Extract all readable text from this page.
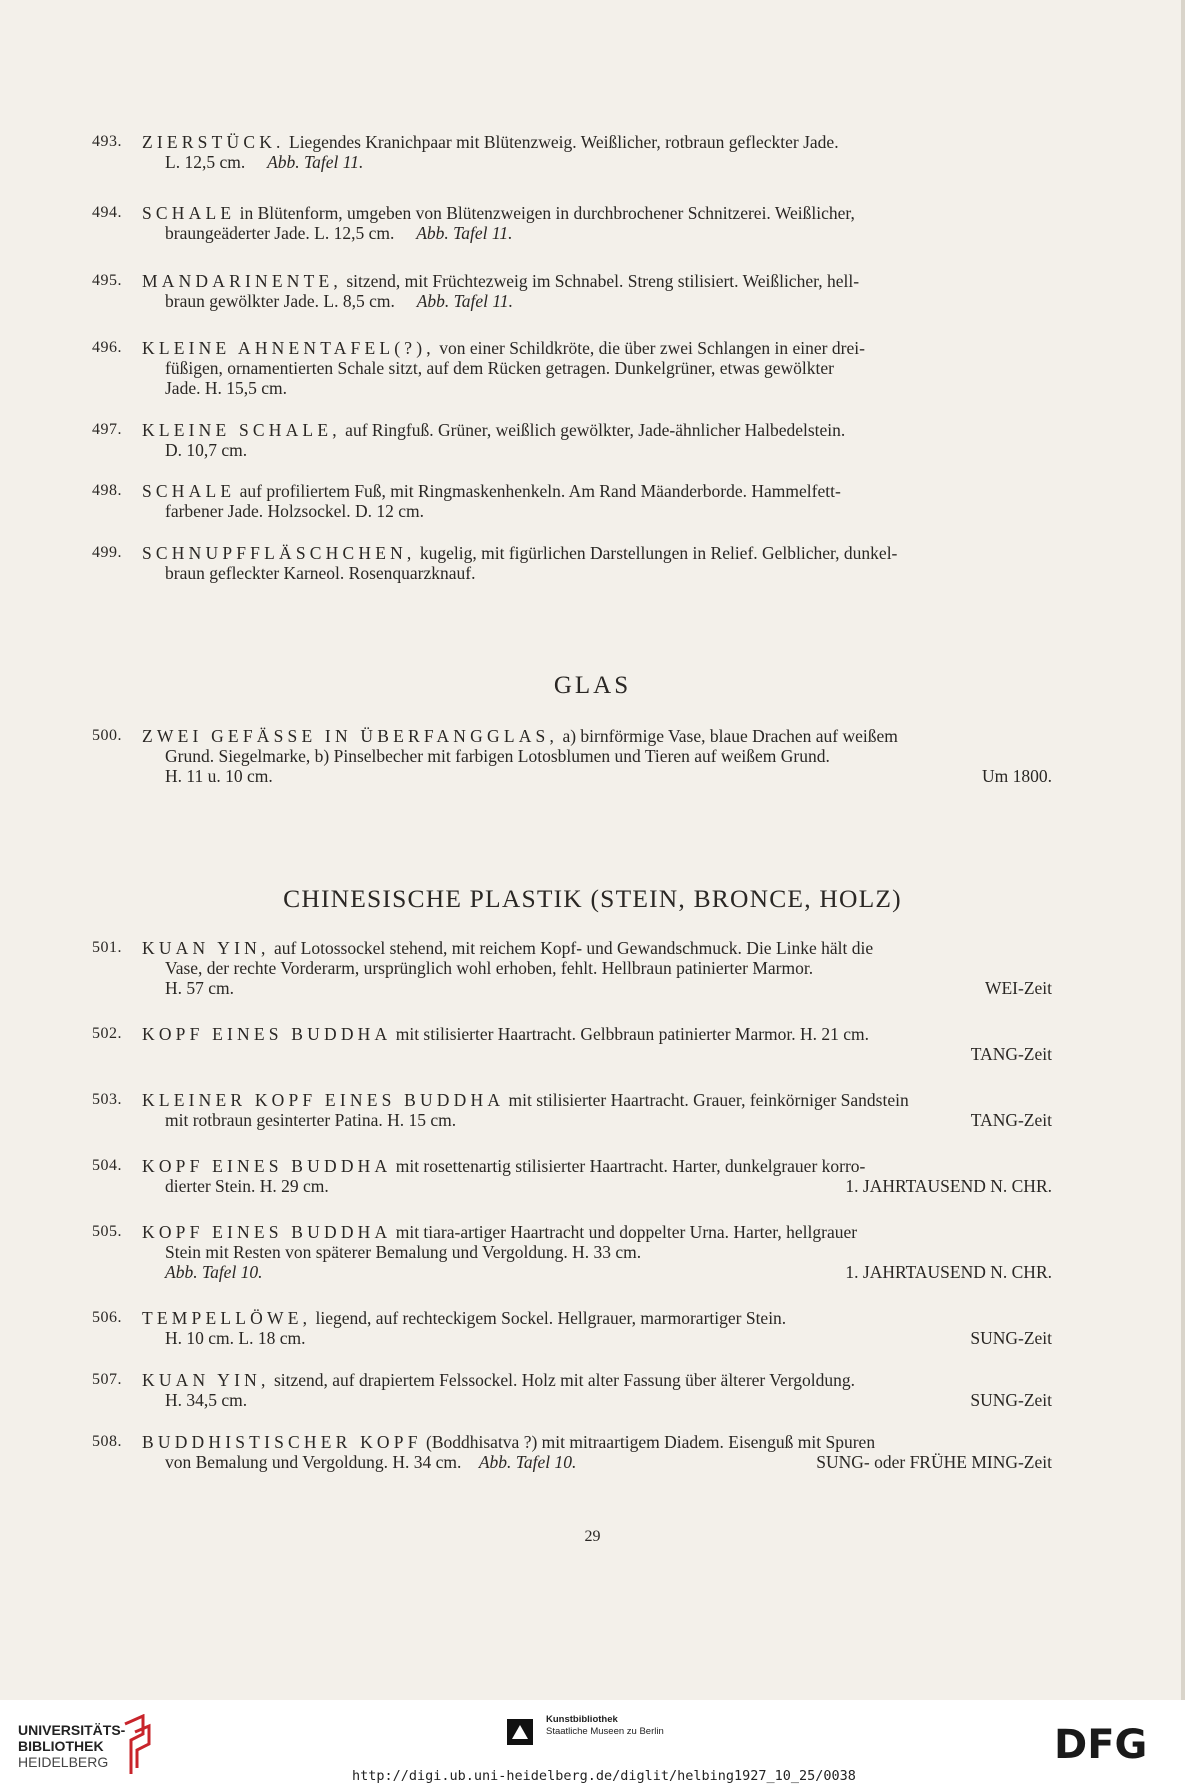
493.	ZIERSTÜCK. Liegendes Kranichpaar mit Blütenzweig. Weißlicher, rotbraun gefleckter Jade.
L. 12,5 cm. Abb. Tafel 11.
494.	SCHALE in Blütenform, umgeben von Blütenzweigen in durchbrochener Schnitzerei. Weißlicher,
braungeäderter Jade. L. 12,5 cm. Abb. Tafel 11.
495.	MANDARINENTE, sitzend, mit Früchtezweig im Schnabel. Streng stilisiert. Weißlicher, hell-
braun gewölkter Jade. L. 8,5 cm. Abb. Tafel 11.
496.	KLEINE AHNENTAFEL(?), von einer Schildkröte, die über zwei Schlangen in einer drei-
füßigen, ornamentierten Schale sitzt, auf dem Rücken getragen. Dunkelgrüner, etwas gewölkter
Jade. H. 15,5 cm.
497.	KLEINE SCHALE, auf Ringfuß. Grüner, weißlich gewölkter, Jade-ähnlicher Halbedelstein.
D. 10,7 cm.
498.	SCHALE auf profiliertem Fuß, mit Ringmaskenhenkeln. Am Rand Mäanderborde. Hammelfett-
farbener Jade. Holzsockel. D. 12 cm.
499.	SCHNUPFFLÄSCHCHEN, kugelig, mit figürlichen Darstellungen in Relief. Gelblicher, dunkel-
braun gefleckter Karneol. Rosenquarzknauf.
GLAS
500.	ZWEI GEFÄSSE IN ÜBERFANGGLAS, a) birnförmige Vase, blaue Drachen auf weißem
Grund. Siegelmarke, b) Pinselbecher mit farbigen Lotosblumen und Tieren auf weißem Grund.
H. 11 u. 10 cm.	Um 1800.
CHINESISCHE PLASTIK (STEIN, BRONCE, HOLZ)
501.	KUAN YIN, auf Lotossockel stehend, mit reichem Kopf- und Gewandschmuck. Die Linke hält die
Vase, der rechte Vorderarm, ursprünglich wohl erhoben, fehlt. Hellbraun patinierter Marmor.
H. 57 cm.	WEI-Zeit
502.	KOPF EINES BUDDHA mit stilisierter Haartracht. Gelbbraun patinierter Marmor. H. 21 cm.
TANG-Zeit
503.	KLEINER KOPF EINES BUDDHA mit stilisierter Haartracht. Grauer, feinkörniger Sandstein
mit rotbraun gesinterter Patina. H. 15 cm.	TANG-Zeit
504.	KOPF EINES BUDDHA mit rosettenartig stilisierter Haartracht. Harter, dunkelgrauer korro-
dierter Stein. H. 29 cm.	1. JAHRTAUSEND N. CHR.
505.	KOPF EINES BUDDHA mit tiara-artiger Haartracht und doppelter Urna. Harter, hellgrauer
Stein mit Resten von späterer Bemalung und Vergoldung. H. 33 cm.
Abb. Tafel 10.	1. JAHRTAUSEND N. CHR.
506.	TEMPELLÖWE, liegend, auf rechteckigem Sockel. Hellgrauer, marmorartiger Stein.
H. 10 cm. L. 18 cm.	SUNG-Zeit
507.	KUAN YIN, sitzend, auf drapiertem Felssockel. Holz mit alter Fassung über älterer Vergoldung.
H. 34,5 cm.	SUNG-Zeit
508.	BUDDHISTISCHER KOPF (Boddhisatva ?) mit mitraartigem Diadem. Eisenguß mit Spuren
von Bemalung und Vergoldung. H. 34 cm. Abb. Tafel 10.	SUNG- oder FRÜHE MING-Zeit
29
UNIVERSITÄTS-
BIBLIOTHEK
HEIDELBERG
Kunstbibliothek
Staatliche Museen zu Berlin	DFG
http://digi.ub.uni-heidelberg.de/diglit/helbing1927_10_25/0038
